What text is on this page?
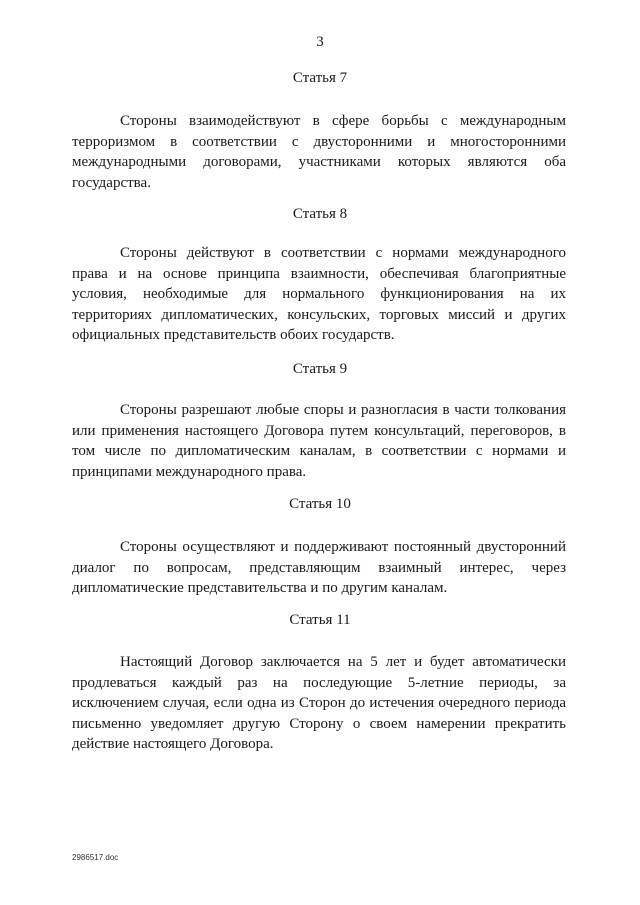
3
Статья 7
Стороны взаимодействуют в сфере борьбы с международным терроризмом в соответствии с двусторонними и многосторонними международными договорами, участниками которых являются оба государства.
Статья 8
Стороны действуют в соответствии с нормами международного права и на основе принципа взаимности, обеспечивая благоприятные условия, необходимые для нормального функционирования на их территориях дипломатических, консульских, торговых миссий и других официальных представительств обоих государств.
Статья 9
Стороны разрешают любые споры и разногласия в части толкования или применения настоящего Договора путем консультаций, переговоров, в том числе по дипломатическим каналам, в соответствии с нормами и принципами международного права.
Статья 10
Стороны осуществляют и поддерживают постоянный двусторонний диалог по вопросам, представляющим взаимный интерес, через дипломатические представительства и по другим каналам.
Статья 11
Настоящий Договор заключается на 5 лет и будет автоматически продлеваться каждый раз на последующие 5-летние периоды, за исключением случая, если одна из Сторон до истечения очередного периода письменно уведомляет другую Сторону о своем намерении прекратить действие настоящего Договора.
2986517.doc
